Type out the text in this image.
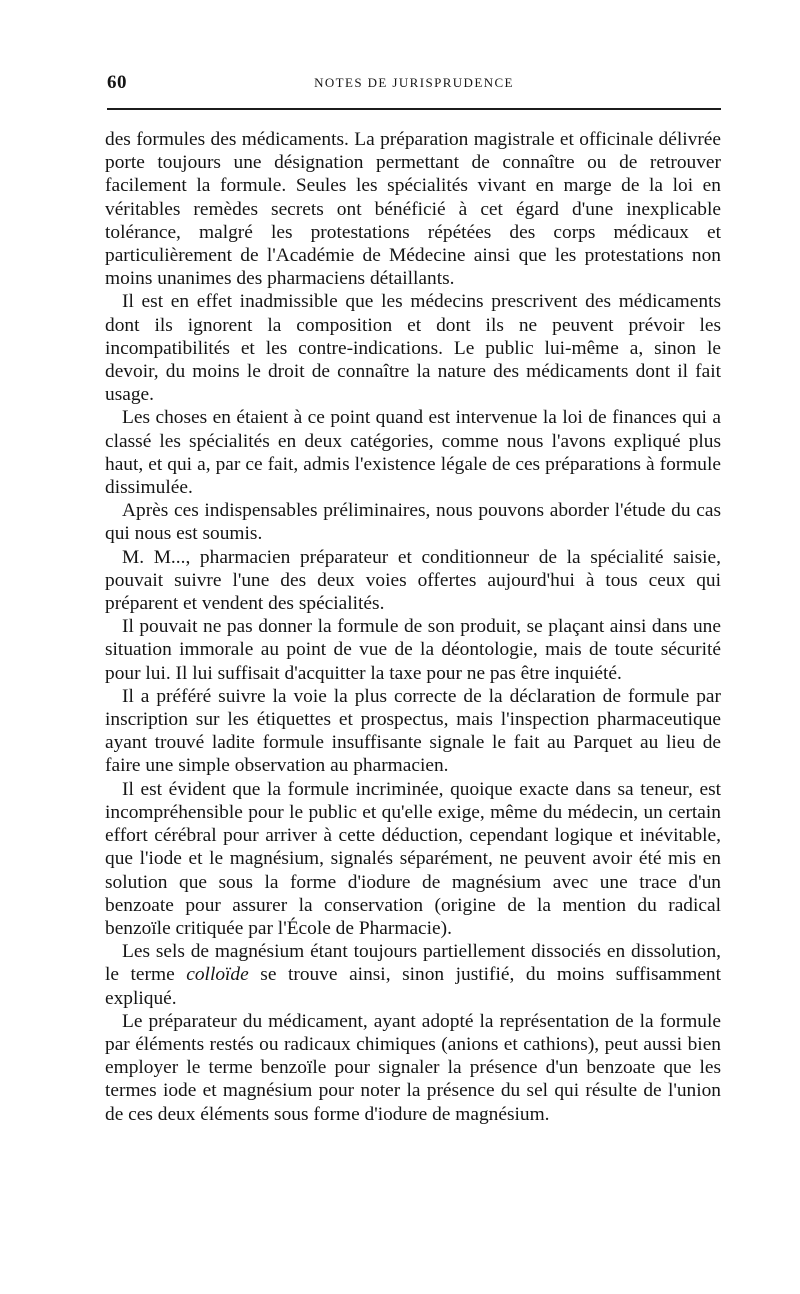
60	NOTES DE JURISPRUDENCE

des formules des médicaments. La préparation magistrale et officinale délivrée porte toujours une désignation permettant de connaître ou de retrouver facilement la formule. Seules les spécialités vivant en marge de la loi en véritables remèdes secrets ont bénéficié à cet égard d'une inexplicable tolérance, malgré les protestations répétées des corps médicaux et particulièrement de l'Académie de Médecine ainsi que les protestations non moins unanimes des pharmaciens détaillants.

Il est en effet inadmissible que les médecins prescrivent des médicaments dont ils ignorent la composition et dont ils ne peuvent prévoir les incompatibilités et les contre-indications. Le public lui-même a, sinon le devoir, du moins le droit de connaître la nature des médicaments dont il fait usage.

Les choses en étaient à ce point quand est intervenue la loi de finances qui a classé les spécialités en deux catégories, comme nous l'avons expliqué plus haut, et qui a, par ce fait, admis l'existence légale de ces préparations à formule dissimulée.

Après ces indispensables préliminaires, nous pouvons aborder l'étude du cas qui nous est soumis.

M. M..., pharmacien préparateur et conditionneur de la spécialité saisie, pouvait suivre l'une des deux voies offertes aujourd'hui à tous ceux qui préparent et vendent des spécialités.

Il pouvait ne pas donner la formule de son produit, se plaçant ainsi dans une situation immorale au point de vue de la déontologie, mais de toute sécurité pour lui. Il lui suffisait d'acquitter la taxe pour ne pas être inquiété.

Il a préféré suivre la voie la plus correcte de la déclaration de formule par inscription sur les étiquettes et prospectus, mais l'inspection pharmaceutique ayant trouvé ladite formule insuffisante signale le fait au Parquet au lieu de faire une simple observation au pharmacien.

Il est évident que la formule incriminée, quoique exacte dans sa teneur, est incompréhensible pour le public et qu'elle exige, même du médecin, un certain effort cérébral pour arriver à cette déduction, cependant logique et inévitable, que l'iode et le magnésium, signalés séparément, ne peuvent avoir été mis en solution que sous la forme d'iodure de magnésium avec une trace d'un benzoate pour assurer la conservation (origine de la mention du radical benzoïle critiquée par l'École de Pharmacie).

Les sels de magnésium étant toujours partiellement dissociés en dissolution, le terme colloïde se trouve ainsi, sinon justifié, du moins suffisamment expliqué.

Le préparateur du médicament, ayant adopté la représentation de la formule par éléments restés ou radicaux chimiques (anions et cathions), peut aussi bien employer le terme benzoïle pour signaler la présence d'un benzoate que les termes iode et magnésium pour noter la présence du sel qui résulte de l'union de ces deux éléments sous forme d'iodure de magnésium.
